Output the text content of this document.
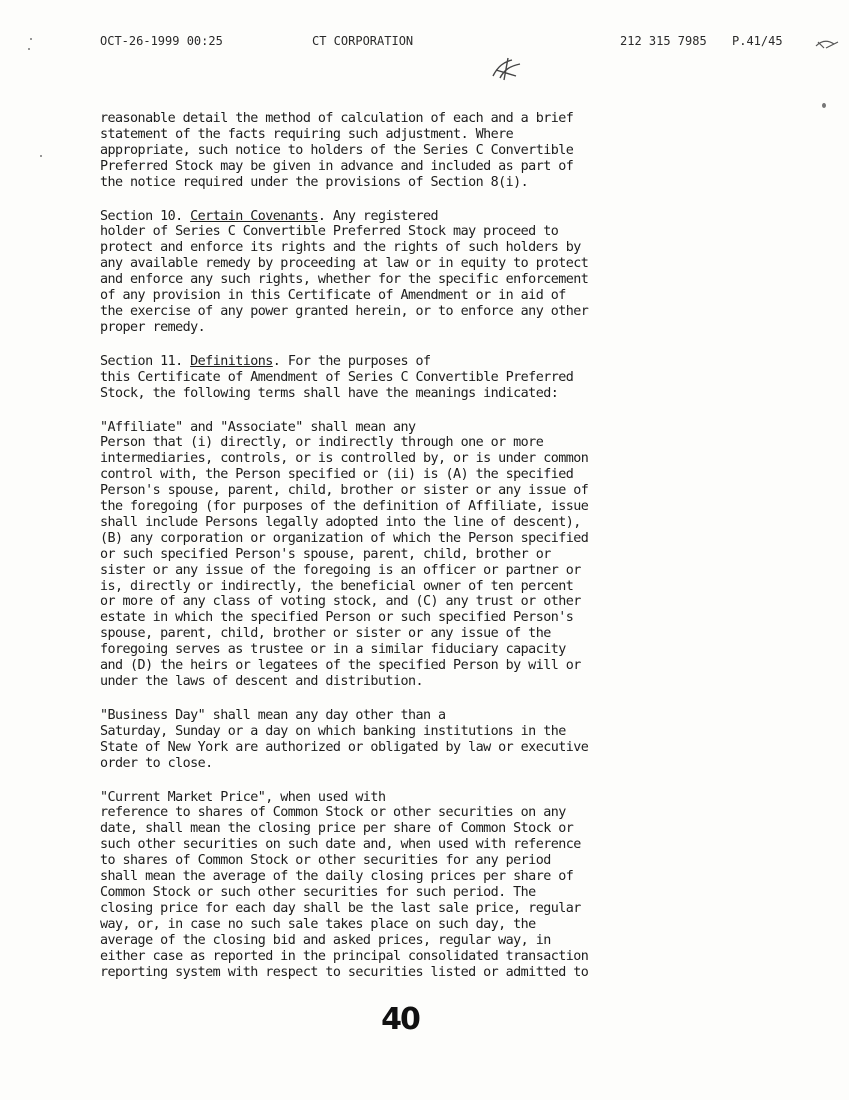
OCT-26-1999 00:25	CT CORPORATION	212 315 7985 P.41/45

reasonable detail the method of calculation of each and a brief
statement of the facts requiring such adjustment. Where
appropriate, such notice to holders of the Series C Convertible
Preferred Stock may be given in advance and included as part of
the notice required under the provisions of Section 8(i).

Section 10. Certain Covenants. Any registered
holder of Series C Convertible Preferred Stock may proceed to
protect and enforce its rights and the rights of such holders by
any available remedy by proceeding at law or in equity to protect
and enforce any such rights, whether for the specific enforcement
of any provision in this Certificate of Amendment or in aid of
the exercise of any power granted herein, or to enforce any other
proper remedy.

Section 11. Definitions. For the purposes of
this Certificate of Amendment of Series C Convertible Preferred
Stock, the following terms shall have the meanings indicated:

"Affiliate" and "Associate" shall mean any
Person that (i) directly, or indirectly through one or more
intermediaries, controls, or is controlled by, or is under common
control with, the Person specified or (ii) is (A) the specified
Person's spouse, parent, child, brother or sister or any issue of
the foregoing (for purposes of the definition of Affiliate, issue
shall include Persons legally adopted into the line of descent),
(B) any corporation or organization of which the Person specified
or such specified Person's spouse, parent, child, brother or
sister or any issue of the foregoing is an officer or partner or
is, directly or indirectly, the beneficial owner of ten percent
or more of any class of voting stock, and (C) any trust or other
estate in which the specified Person or such specified Person's
spouse, parent, child, brother or sister or any issue of the
foregoing serves as trustee or in a similar fiduciary capacity
and (D) the heirs or legatees of the specified Person by will or
under the laws of descent and distribution.

"Business Day" shall mean any day other than a
Saturday, Sunday or a day on which banking institutions in the
State of New York are authorized or obligated by law or executive
order to close.

"Current Market Price", when used with
reference to shares of Common Stock or other securities on any
date, shall mean the closing price per share of Common Stock or
such other securities on such date and, when used with reference
to shares of Common Stock or other securities for any period
shall mean the average of the daily closing prices per share of
Common Stock or such other securities for such period. The
closing price for each day shall be the last sale price, regular
way, or, in case no such sale takes place on such day, the
average of the closing bid and asked prices, regular way, in
either case as reported in the principal consolidated transaction
reporting system with respect to securities listed or admitted to

40
